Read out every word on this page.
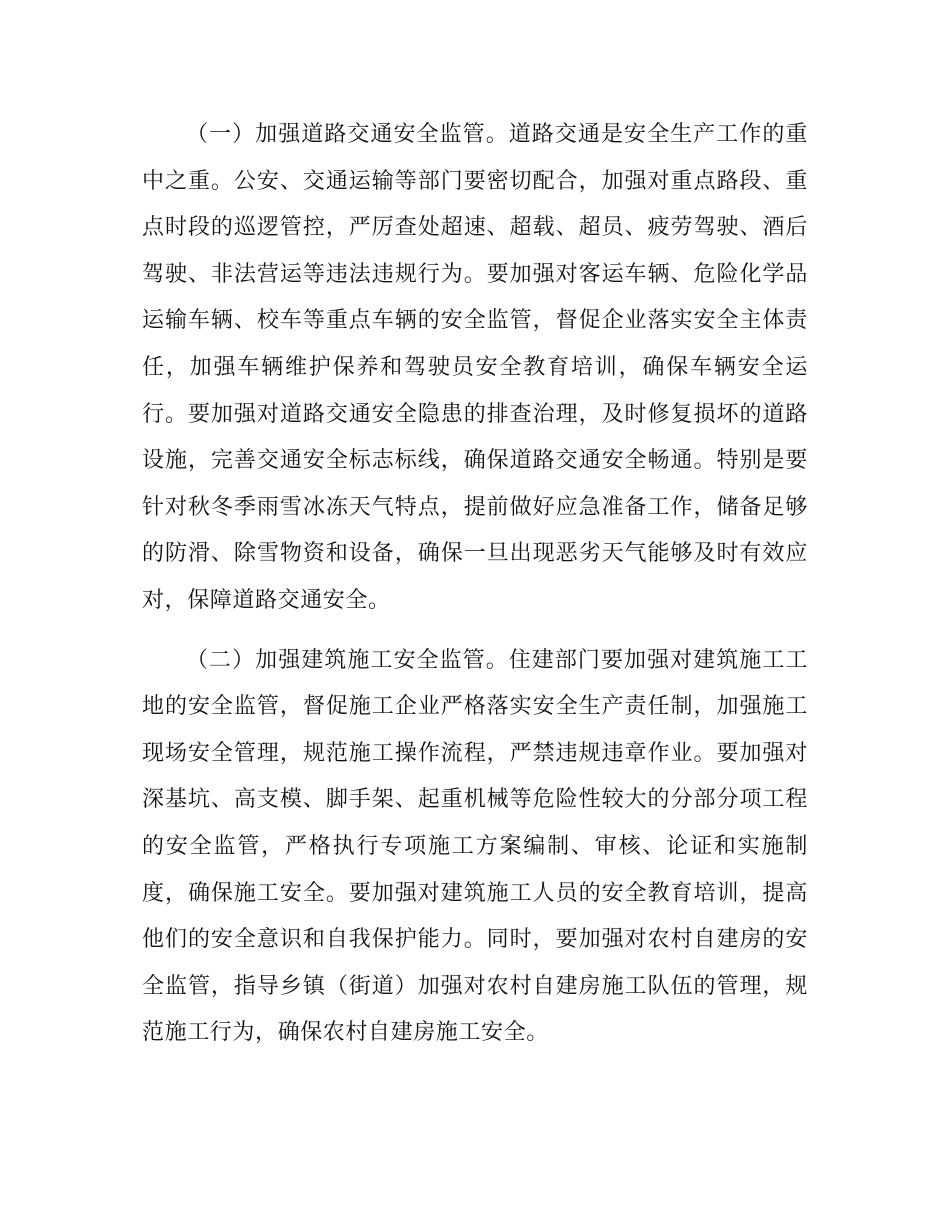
（一）加强道路交通安全监管。道路交通是安全生产工作的重中之重。公安、交通运输等部门要密切配合，加强对重点路段、重点时段的巡逻管控，严厉查处超速、超载、超员、疲劳驾驶、酒后驾驶、非法营运等违法违规行为。要加强对客运车辆、危险化学品运输车辆、校车等重点车辆的安全监管，督促企业落实安全主体责任，加强车辆维护保养和驾驶员安全教育培训，确保车辆安全运行。要加强对道路交通安全隐患的排查治理，及时修复损坏的道路设施，完善交通安全标志标线，确保道路交通安全畅通。特别是要针对秋冬季雨雪冰冻天气特点，提前做好应急准备工作，储备足够的防滑、除雪物资和设备，确保一旦出现恶劣天气能够及时有效应对，保障道路交通安全。

（二）加强建筑施工安全监管。住建部门要加强对建筑施工工地的安全监管，督促施工企业严格落实安全生产责任制，加强施工现场安全管理，规范施工操作流程，严禁违规违章作业。要加强对深基坑、高支模、脚手架、起重机械等危险性较大的分部分项工程的安全监管，严格执行专项施工方案编制、审核、论证和实施制度，确保施工安全。要加强对建筑施工人员的安全教育培训，提高他们的安全意识和自我保护能力。同时，要加强对农村自建房的安全监管，指导乡镇（街道）加强对农村自建房施工队伍的管理，规范施工行为，确保农村自建房施工安全。
